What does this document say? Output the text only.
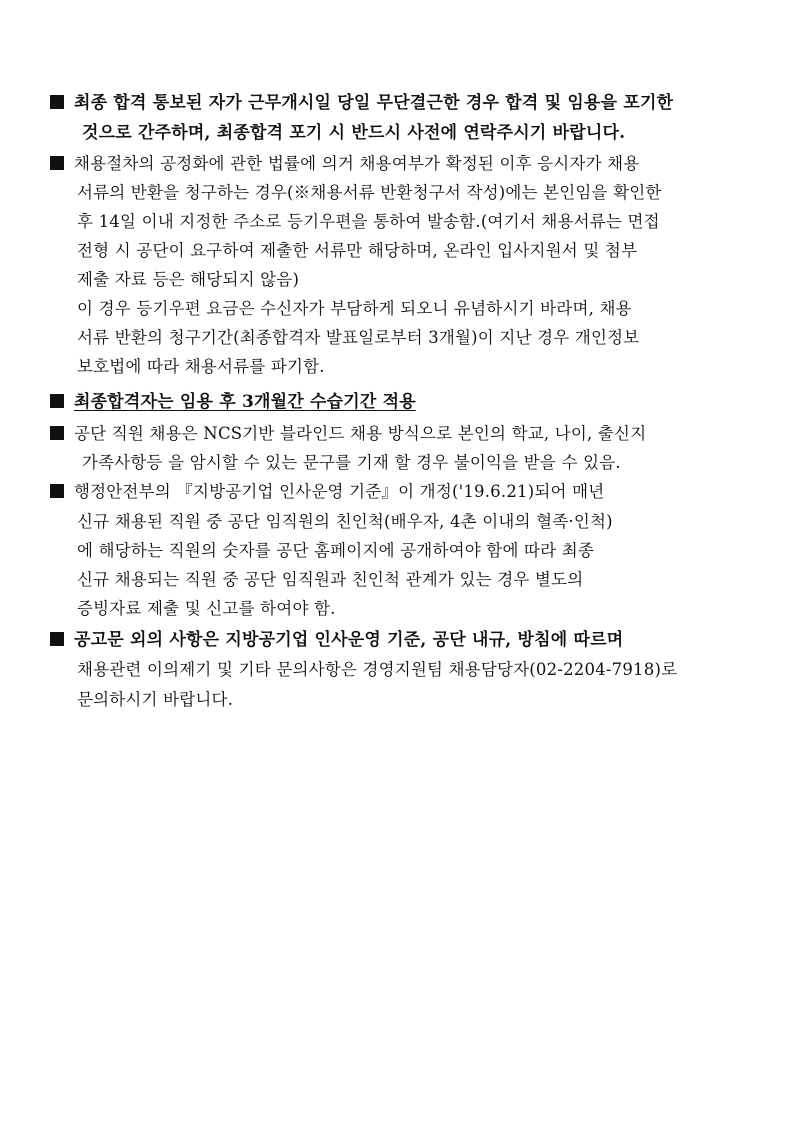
최종 합격 통보된 자가 근무개시일 당일 무단결근한 경우 합격 및 임용을 포기한
것으로 간주하며, 최종합격 포기 시 반드시 사전에 연락주시기 바랍니다.
채용절차의 공정화에 관한 법률에 의거 채용여부가 확정된 이후 응시자가 채용
서류의 반환을 청구하는 경우(※채용서류 반환청구서 작성)에는 본인임을 확인한
후 14일 이내 지정한 주소로 등기우편을 통하여 발송함.(여기서 채용서류는 면접
전형 시 공단이 요구하여 제출한 서류만 해당하며, 온라인 입사지원서 및 첨부
제출 자료 등은 해당되지 않음)
이 경우 등기우편 요금은 수신자가 부담하게 되오니 유념하시기 바라며, 채용
서류 반환의 청구기간(최종합격자 발표일로부터 3개월)이 지난 경우 개인정보
보호법에 따라 채용서류를 파기함.
최종합격자는 임용 후 3개월간 수습기간 적용
공단 직원 채용은 NCS기반 블라인드 채용 방식으로 본인의 학교, 나이, 출신지
가족사항등 을 암시할 수 있는 문구를 기재 할 경우 불이익을 받을 수 있음.
행정안전부의 『지방공기업 인사운영 기준』이 개정('19.6.21)되어 매년
신규 채용된 직원 중 공단 임직원의 친인척(배우자, 4촌 이내의 혈족·인척)
에 해당하는 직원의 숫자를 공단 홈페이지에 공개하여야 함에 따라 최종
신규 채용되는 직원 중 공단 임직원과 친인척 관계가 있는 경우 별도의
증빙자료 제출 및 신고를 하여야 함.
공고문 외의 사항은 지방공기업 인사운영 기준, 공단 내규, 방침에 따르며
채용관련 이의제기 및 기타 문의사항은 경영지원팀 채용담당자(02-2204-7918)로
문의하시기 바랍니다.
